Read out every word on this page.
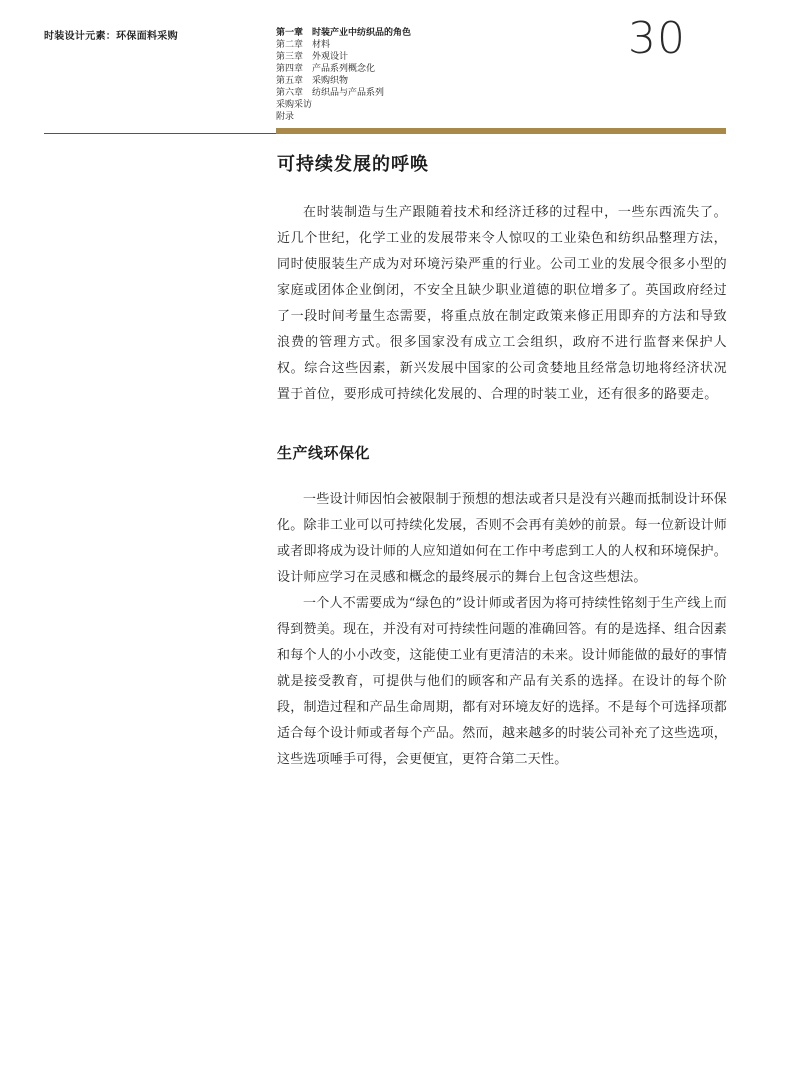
时装设计元素：环保面料采购	第一章　时装产业中纺织品的角色
第二章　材料
第三章　外观设计
第四章　产品系列概念化
第五章　采购织物
第六章　纺织品与产品系列
采购采访
附录
30
可持续发展的呼唤

在时装制造与生产跟随着技术和经济迁移的过程中，一些东西流失了。近几个世纪，化学工业的发展带来令人惊叹的工业染色和纺织品整理方法，同时使服装生产成为对环境污染严重的行业。公司工业的发展令很多小型的家庭或团体企业倒闭，不安全且缺少职业道德的职位增多了。英国政府经过了一段时间考量生态需要，将重点放在制定政策来修正用即弃的方法和导致浪费的管理方式。很多国家没有成立工会组织，政府不进行监督来保护人权。综合这些因素，新兴发展中国家的公司贪婪地且经常急切地将经济状况置于首位，要形成可持续化发展的、合理的时装工业，还有很多的路要走。

生产线环保化

一些设计师因怕会被限制于预想的想法或者只是没有兴趣而抵制设计环保化。除非工业可以可持续化发展，否则不会再有美妙的前景。每一位新设计师或者即将成为设计师的人应知道如何在工作中考虑到工人的人权和环境保护。设计师应学习在灵感和概念的最终展示的舞台上包含这些想法。

一个人不需要成为“绿色的”设计师或者因为将可持续性铭刻于生产线上而得到赞美。现在，并没有对可持续性问题的准确回答。有的是选择、组合因素和每个人的小小改变，这能使工业有更清洁的未来。设计师能做的最好的事情就是接受教育，可提供与他们的顾客和产品有关系的选择。在设计的每个阶段，制造过程和产品生命周期，都有对环境友好的选择。不是每个可选择项都适合每个设计师或者每个产品。然而，越来越多的时装公司补充了这些选项，这些选项唾手可得，会更便宜，更符合第二天性。
